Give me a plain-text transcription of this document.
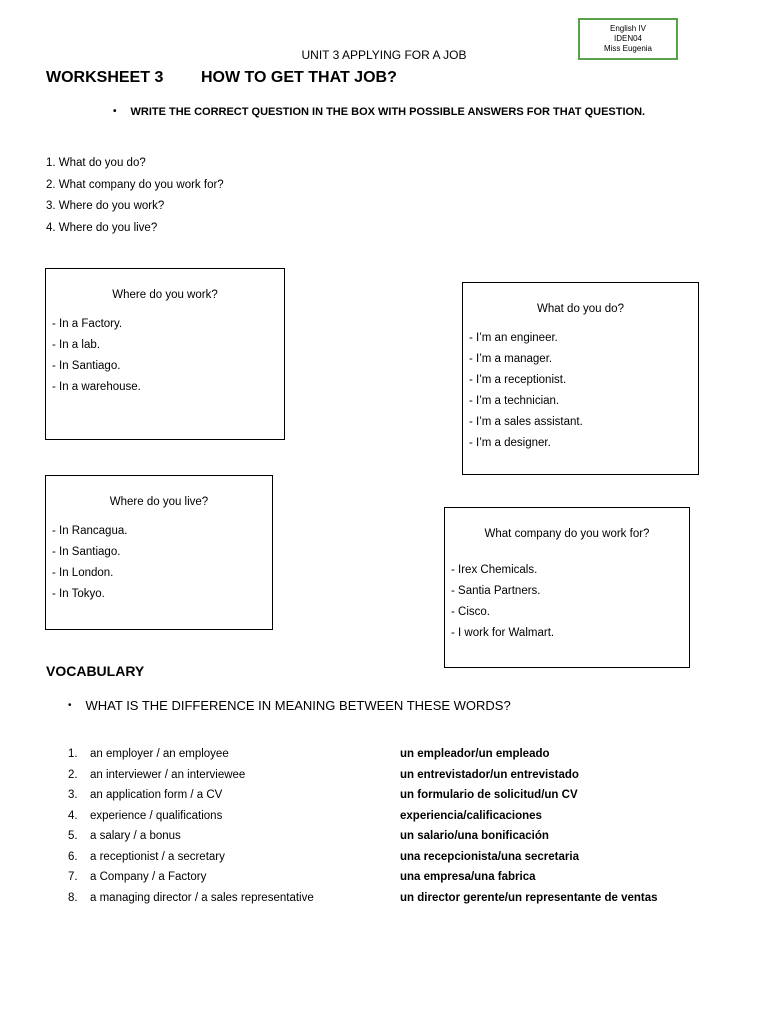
English IV
IDEN04
Miss Eugenia
UNIT 3 APPLYING FOR A JOB
WORKSHEET 3 HOW TO GET THAT JOB?
• WRITE THE CORRECT QUESTION IN THE BOX WITH POSSIBLE ANSWERS FOR THAT QUESTION.
1. What do you do?
2. What company do you work for?
3. Where do you work?
4. Where do you live?
Where do you work?
- In a Factory.
- In a lab.
- In Santiago.
- In a warehouse.
What do you do?
- I’m an engineer.
- I’m a manager.
- I’m a receptionist.
- I’m a technician.
- I’m a sales assistant.
- I’m a designer.
Where do you live?
- In Rancagua.
- In Santiago.
- In London.
- In Tokyo.
What company do you work for?
- Irex Chemicals.
- Santia Partners.
- Cisco.
- I work for Walmart.
VOCABULARY
• WHAT IS THE DIFFERENCE IN MEANING BETWEEN THESE WORDS?
1.	an employer / an employee	un empleador/un empleado
2.	an interviewer / an interviewee	un entrevistador/un entrevistado
3.	an application form / a CV	un formulario de solicitud/un CV
4.	experience / qualifications	experiencia/calificaciones
5.	a salary / a bonus	un salario/una bonificación
6.	a receptionist / a secretary	una recepcionista/una secretaria
7.	a Company / a Factory	una empresa/una fabrica
8.	a managing director / a sales representative	un director gerente/un representante de ventas
